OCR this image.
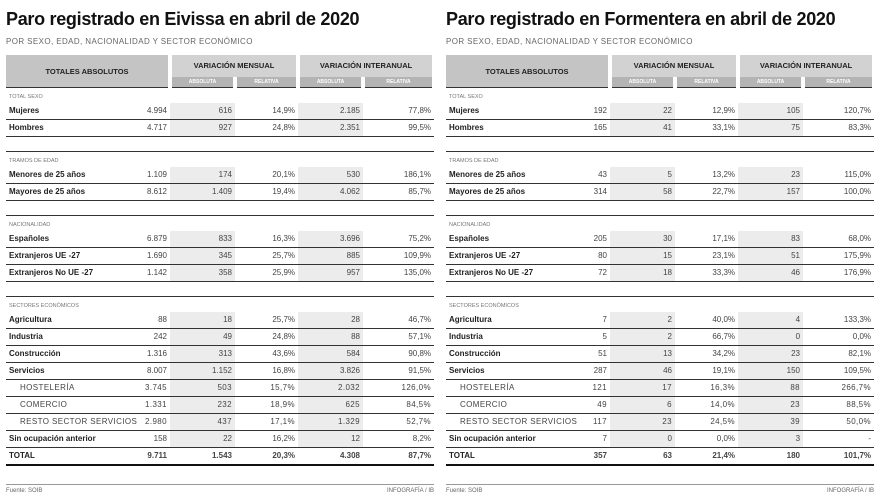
Paro registrado en Eivissa en abril de 2020
POR SEXO, EDAD, NACIONALIDAD Y SECTOR ECONÓMICO
TOTALES ABSOLUTOS		VARIACIÓN MENSUAL		VARIACIÓN INTERANUAL	
		ABSOLUTA	RELATIVA	ABSOLUTA	RELATIVA
TOTAL SEXO					
Mujeres	4.994	616	14,9%	2.185	77,8%
Hombres	4.717	927	24,8%	2.351	99,5%

TRAMOS DE EDAD					
Menores de 25 años	1.109	174	20,1%	530	186,1%
Mayores de 25 años	8.612	1.409	19,4%	4.062	85,7%

NACIONALIDAD					
Españoles	6.879	833	16,3%	3.696	75,2%
Extranjeros UE -27	1.690	345	25,7%	885	109,9%
Extranjeros No UE -27	1.142	358	25,9%	957	135,0%

SECTORES ECONÓMICOS					
Agricultura	88	18	25,7%	28	46,7%
Industria	242	49	24,8%	88	57,1%
Construcción	1.316	313	43,6%	584	90,8%
Servicios	8.007	1.152	16,8%	3.826	91,5%
HOSTELERÍA	3.745	503	15,7%	2.032	126,0%
COMERCIO	1.331	232	18,9%	625	84,5%
RESTO SECTOR SERVICIOS	2.980	437	17,1%	1.329	52,7%
Sin ocupación anterior	158	22	16,2%	12	8,2%
TOTAL	9.711	1.543	20,3%	4.308	87,7%
Fuente: SOIB	INFOGRAFÍA / IB
Paro registrado en Formentera en abril de 2020
POR SEXO, EDAD, NACIONALIDAD Y SECTOR ECONÓMICO
TOTALES ABSOLUTOS		VARIACIÓN MENSUAL		VARIACIÓN INTERANUAL	
		ABSOLUTA	RELATIVA	ABSOLUTA	RELATIVA
TOTAL SEXO					
Mujeres	192	22	12,9%	105	120,7%
Hombres	165	41	33,1%	75	83,3%

TRAMOS DE EDAD					
Menores de 25 años	43	5	13,2%	23	115,0%
Mayores de 25 años	314	58	22,7%	157	100,0%

NACIONALIDAD					
Españoles	205	30	17,1%	83	68,0%
Extranjeros UE -27	80	15	23,1%	51	175,9%
Extranjeros No UE -27	72	18	33,3%	46	176,9%

SECTORES ECONÓMICOS					
Agricultura	7	2	40,0%	4	133,3%
Industria	5	2	66,7%	0	0,0%
Construcción	51	13	34,2%	23	82,1%
Servicios	287	46	19,1%	150	109,5%
HOSTELERÍA	121	17	16,3%	88	266,7%
COMERCIO	49	6	14,0%	23	88,5%
RESTO SECTOR SERVICIOS	117	23	24,5%	39	50,0%
Sin ocupación anterior	7	0	0,0%	3	-
TOTAL	357	63	21,4%	180	101,7%
Fuente: SOIB	INFOGRAFÍA / IB
